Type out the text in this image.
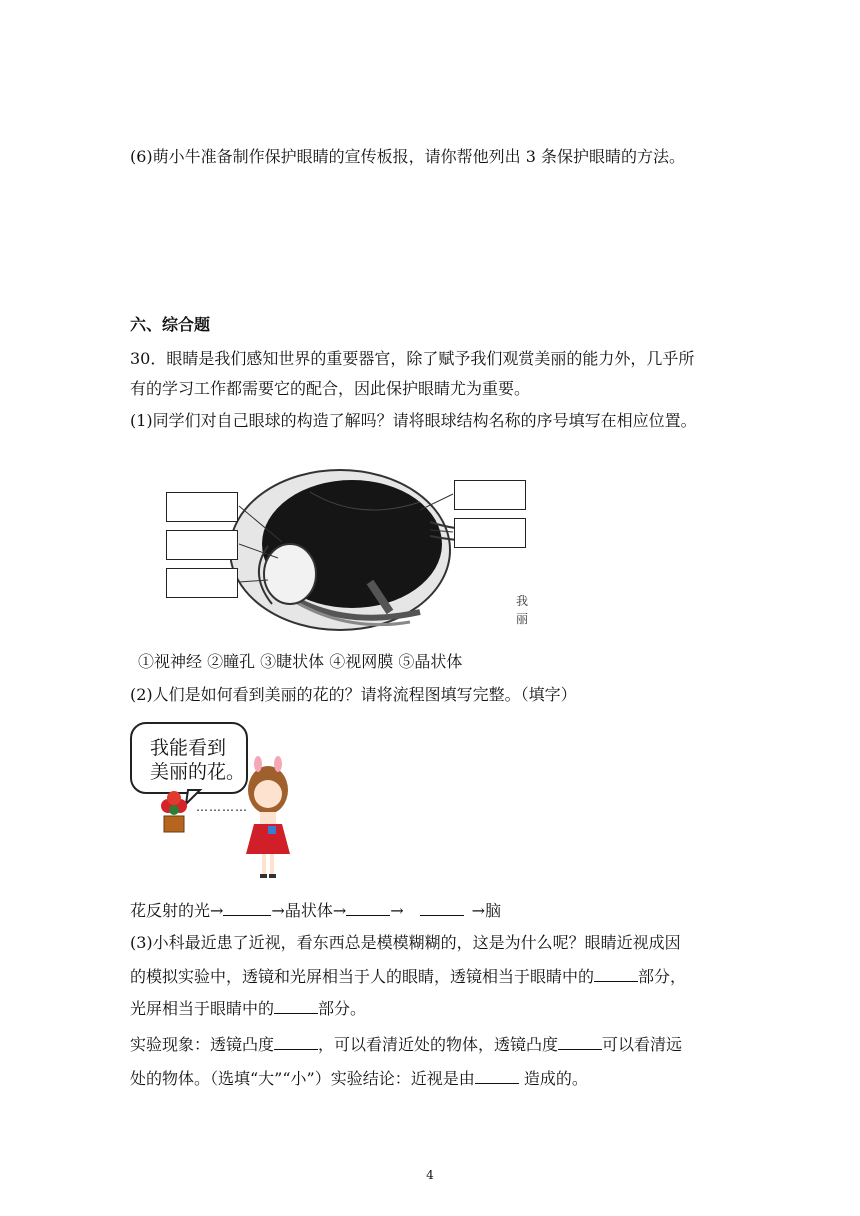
(6)萌小牛准备制作保护眼睛的宣传板报，请你帮他列出 3 条保护眼睛的方法。
六、综合题
30．眼睛是我们感知世界的重要器官，除了赋予我们观赏美丽的能力外，几乎所
有的学习工作都需要它的配合，因此保护眼睛尤为重要。
(1)同学们对自己眼球的构造了解吗？请将眼球结构名称的序号填写在相应位置。
我丽
①视神经 ②瞳孔 ③睫状体 ④视网膜 ⑤晶状体
(2)人们是如何看到美丽的花的？请将流程图填写完整。（填字）
我能看到
美丽的花。
…………
花反射的光→	→晶状体→	→	→脑
(3)小科最近患了近视，看东西总是模模糊糊的，这是为什么呢？眼睛近视成因
的模拟实验中，透镜和光屏相当于人的眼睛，透镜相当于眼睛中的	部分，
光屏相当于眼睛中的	部分。
实验现象：透镜凸度	，可以看清近处的物体，透镜凸度	可以看清远
处的物体。（选填“大”“小”）实验结论：近视是由	造成的。
4
